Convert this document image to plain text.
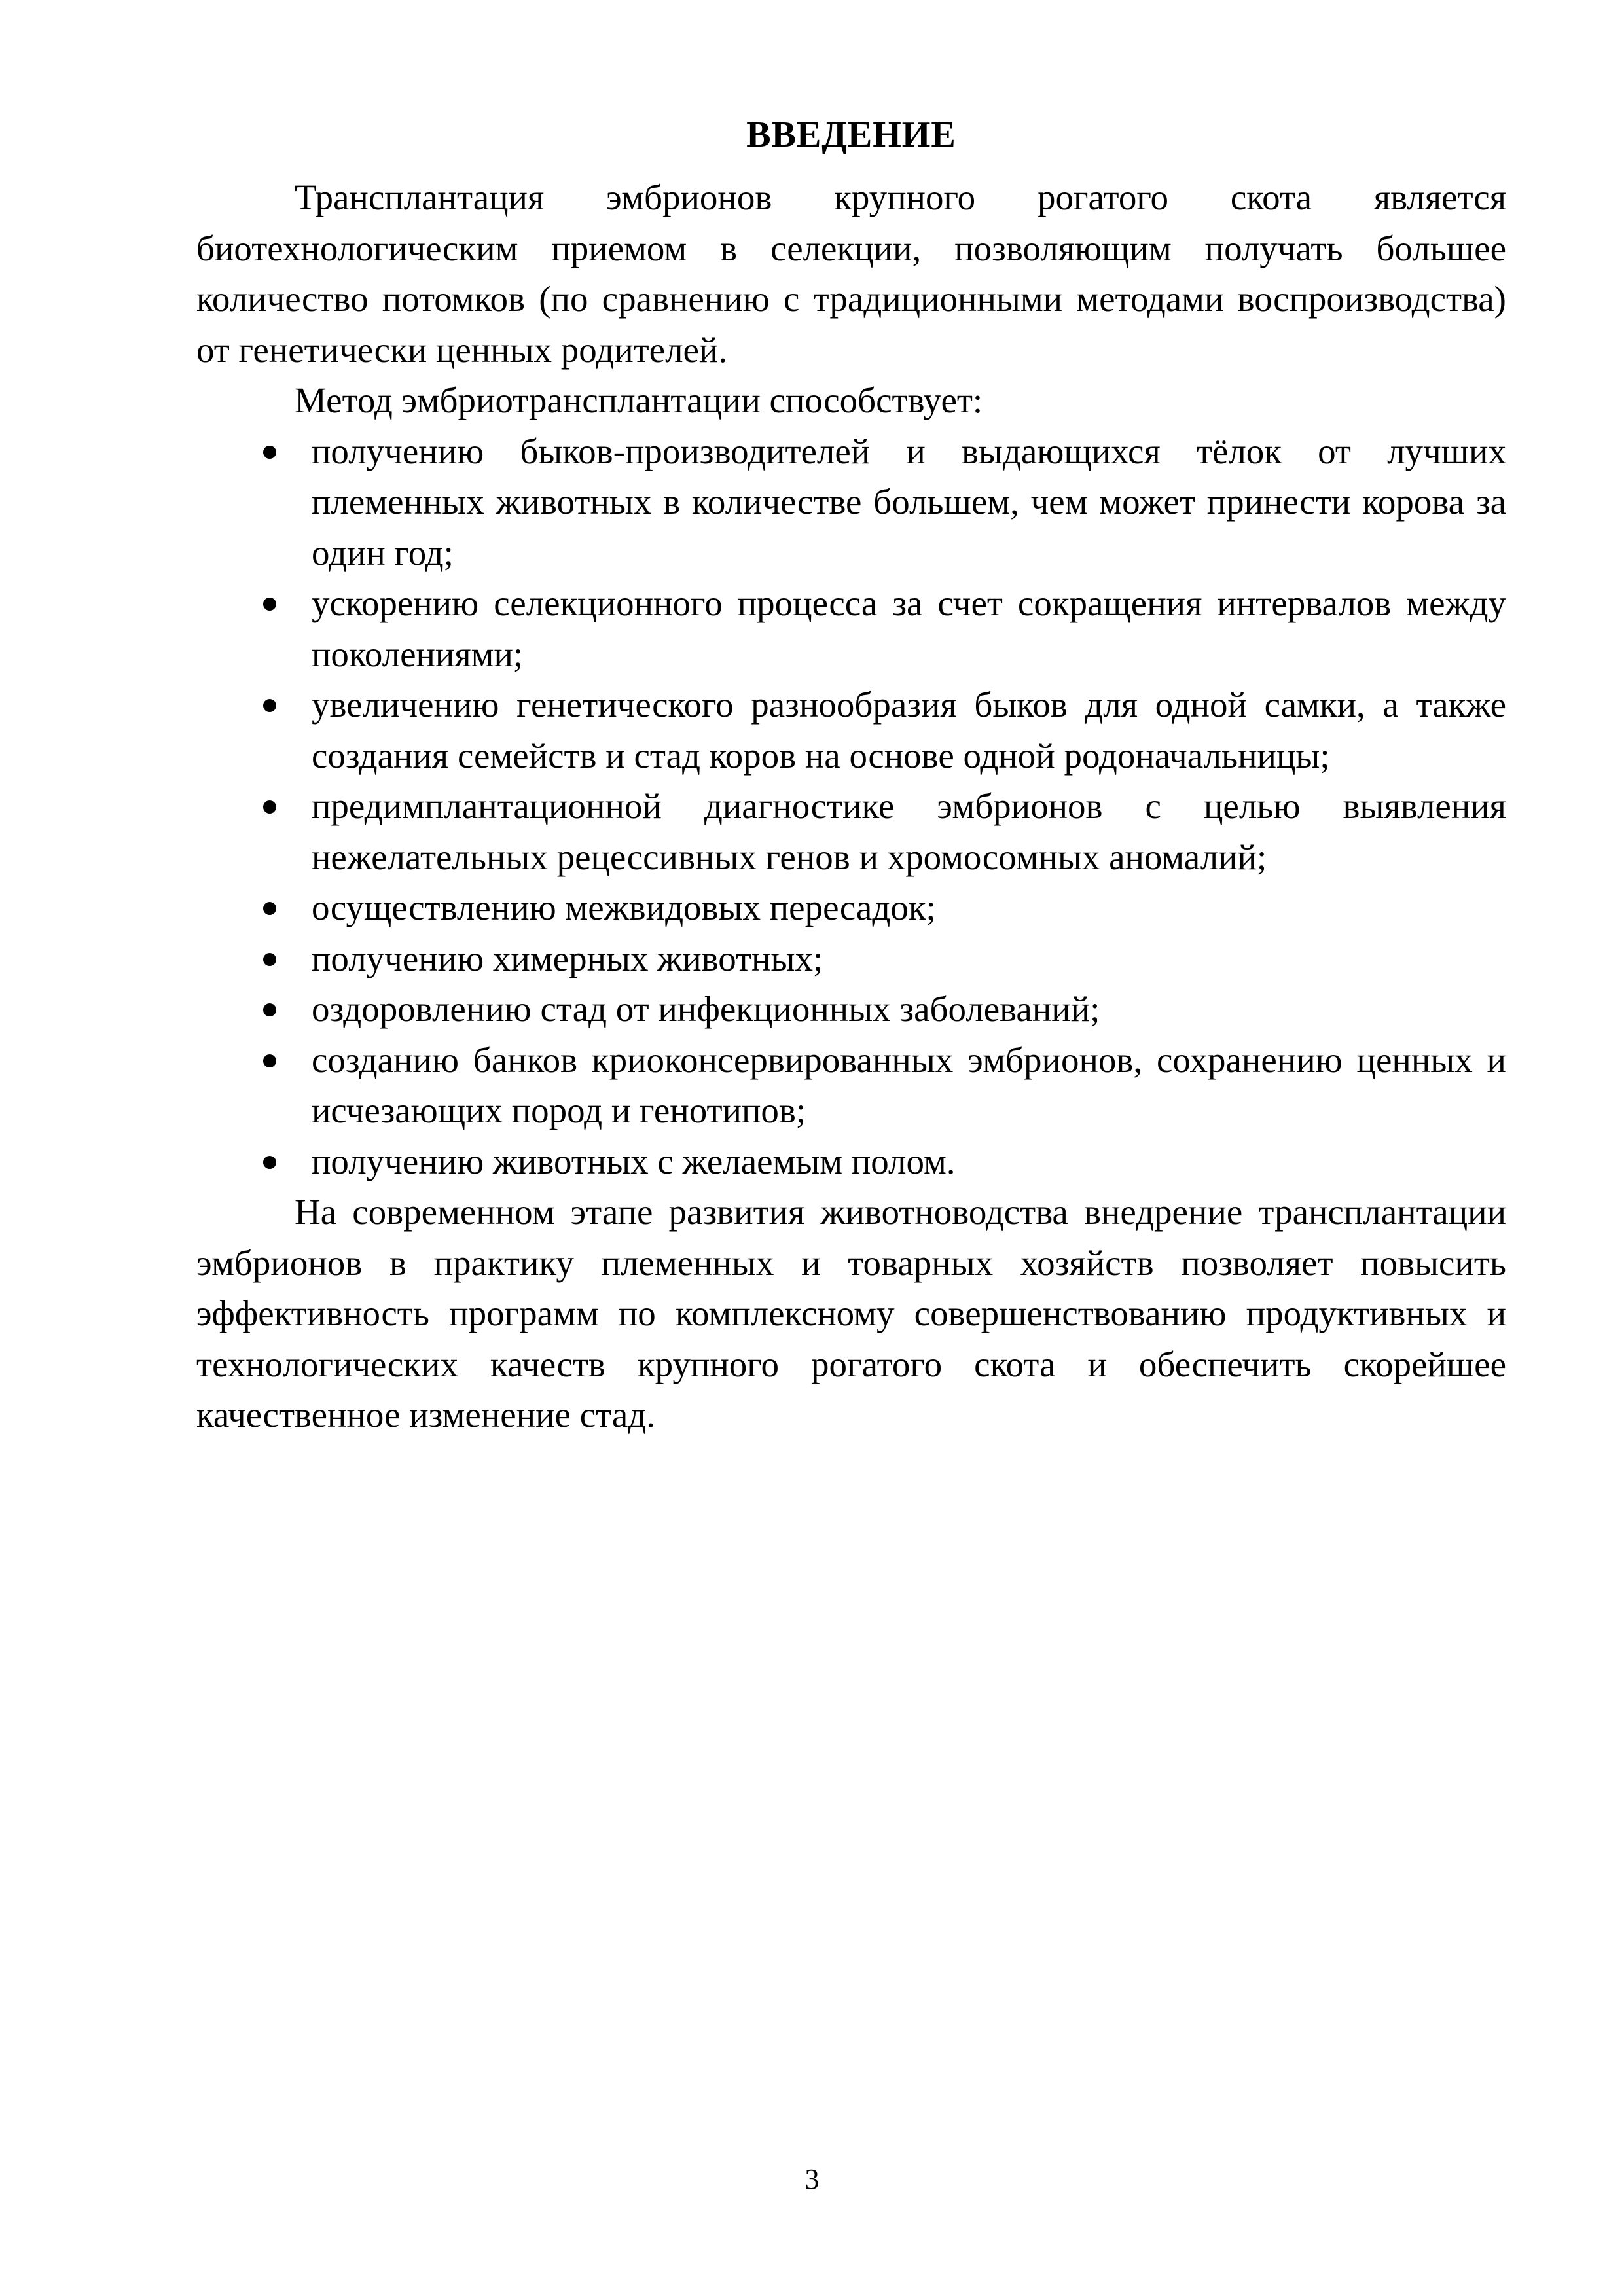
ВВЕДЕНИЕ

Трансплантация эмбрионов крупного рогатого скота является биотехнологическим приемом в селекции, позволяющим получать большее количество потомков (по сравнению с традиционными методами воспроизводства) от генетически ценных родителей.

Метод эмбриотрансплантации способствует:

получению быков-производителей и выдающихся тёлок от лучших племенных животных в количестве большем, чем может принести корова за один год;
ускорению селекционного процесса за счет сокращения интервалов между поколениями;
увеличению генетического разнообразия быков для одной самки, а также создания семейств и стад коров на основе одной родоначальницы;
предимплантационной диагностике эмбрионов с целью выявления нежелательных рецессивных генов и хромосомных аномалий;
осуществлению межвидовых пересадок;
получению химерных животных;
оздоровлению стад от инфекционных заболеваний;
созданию банков криоконсервированных эмбрионов, сохранению ценных и исчезающих пород и генотипов;
получению животных с желаемым полом.

На современном этапе развития животноводства внедрение трансплантации эмбрионов в практику племенных и товарных хозяйств позволяет повысить эффективность программ по комплексному совершенствованию продуктивных и технологических качеств крупного рогатого скота и обеспечить скорейшее качественное изменение стад.

3
